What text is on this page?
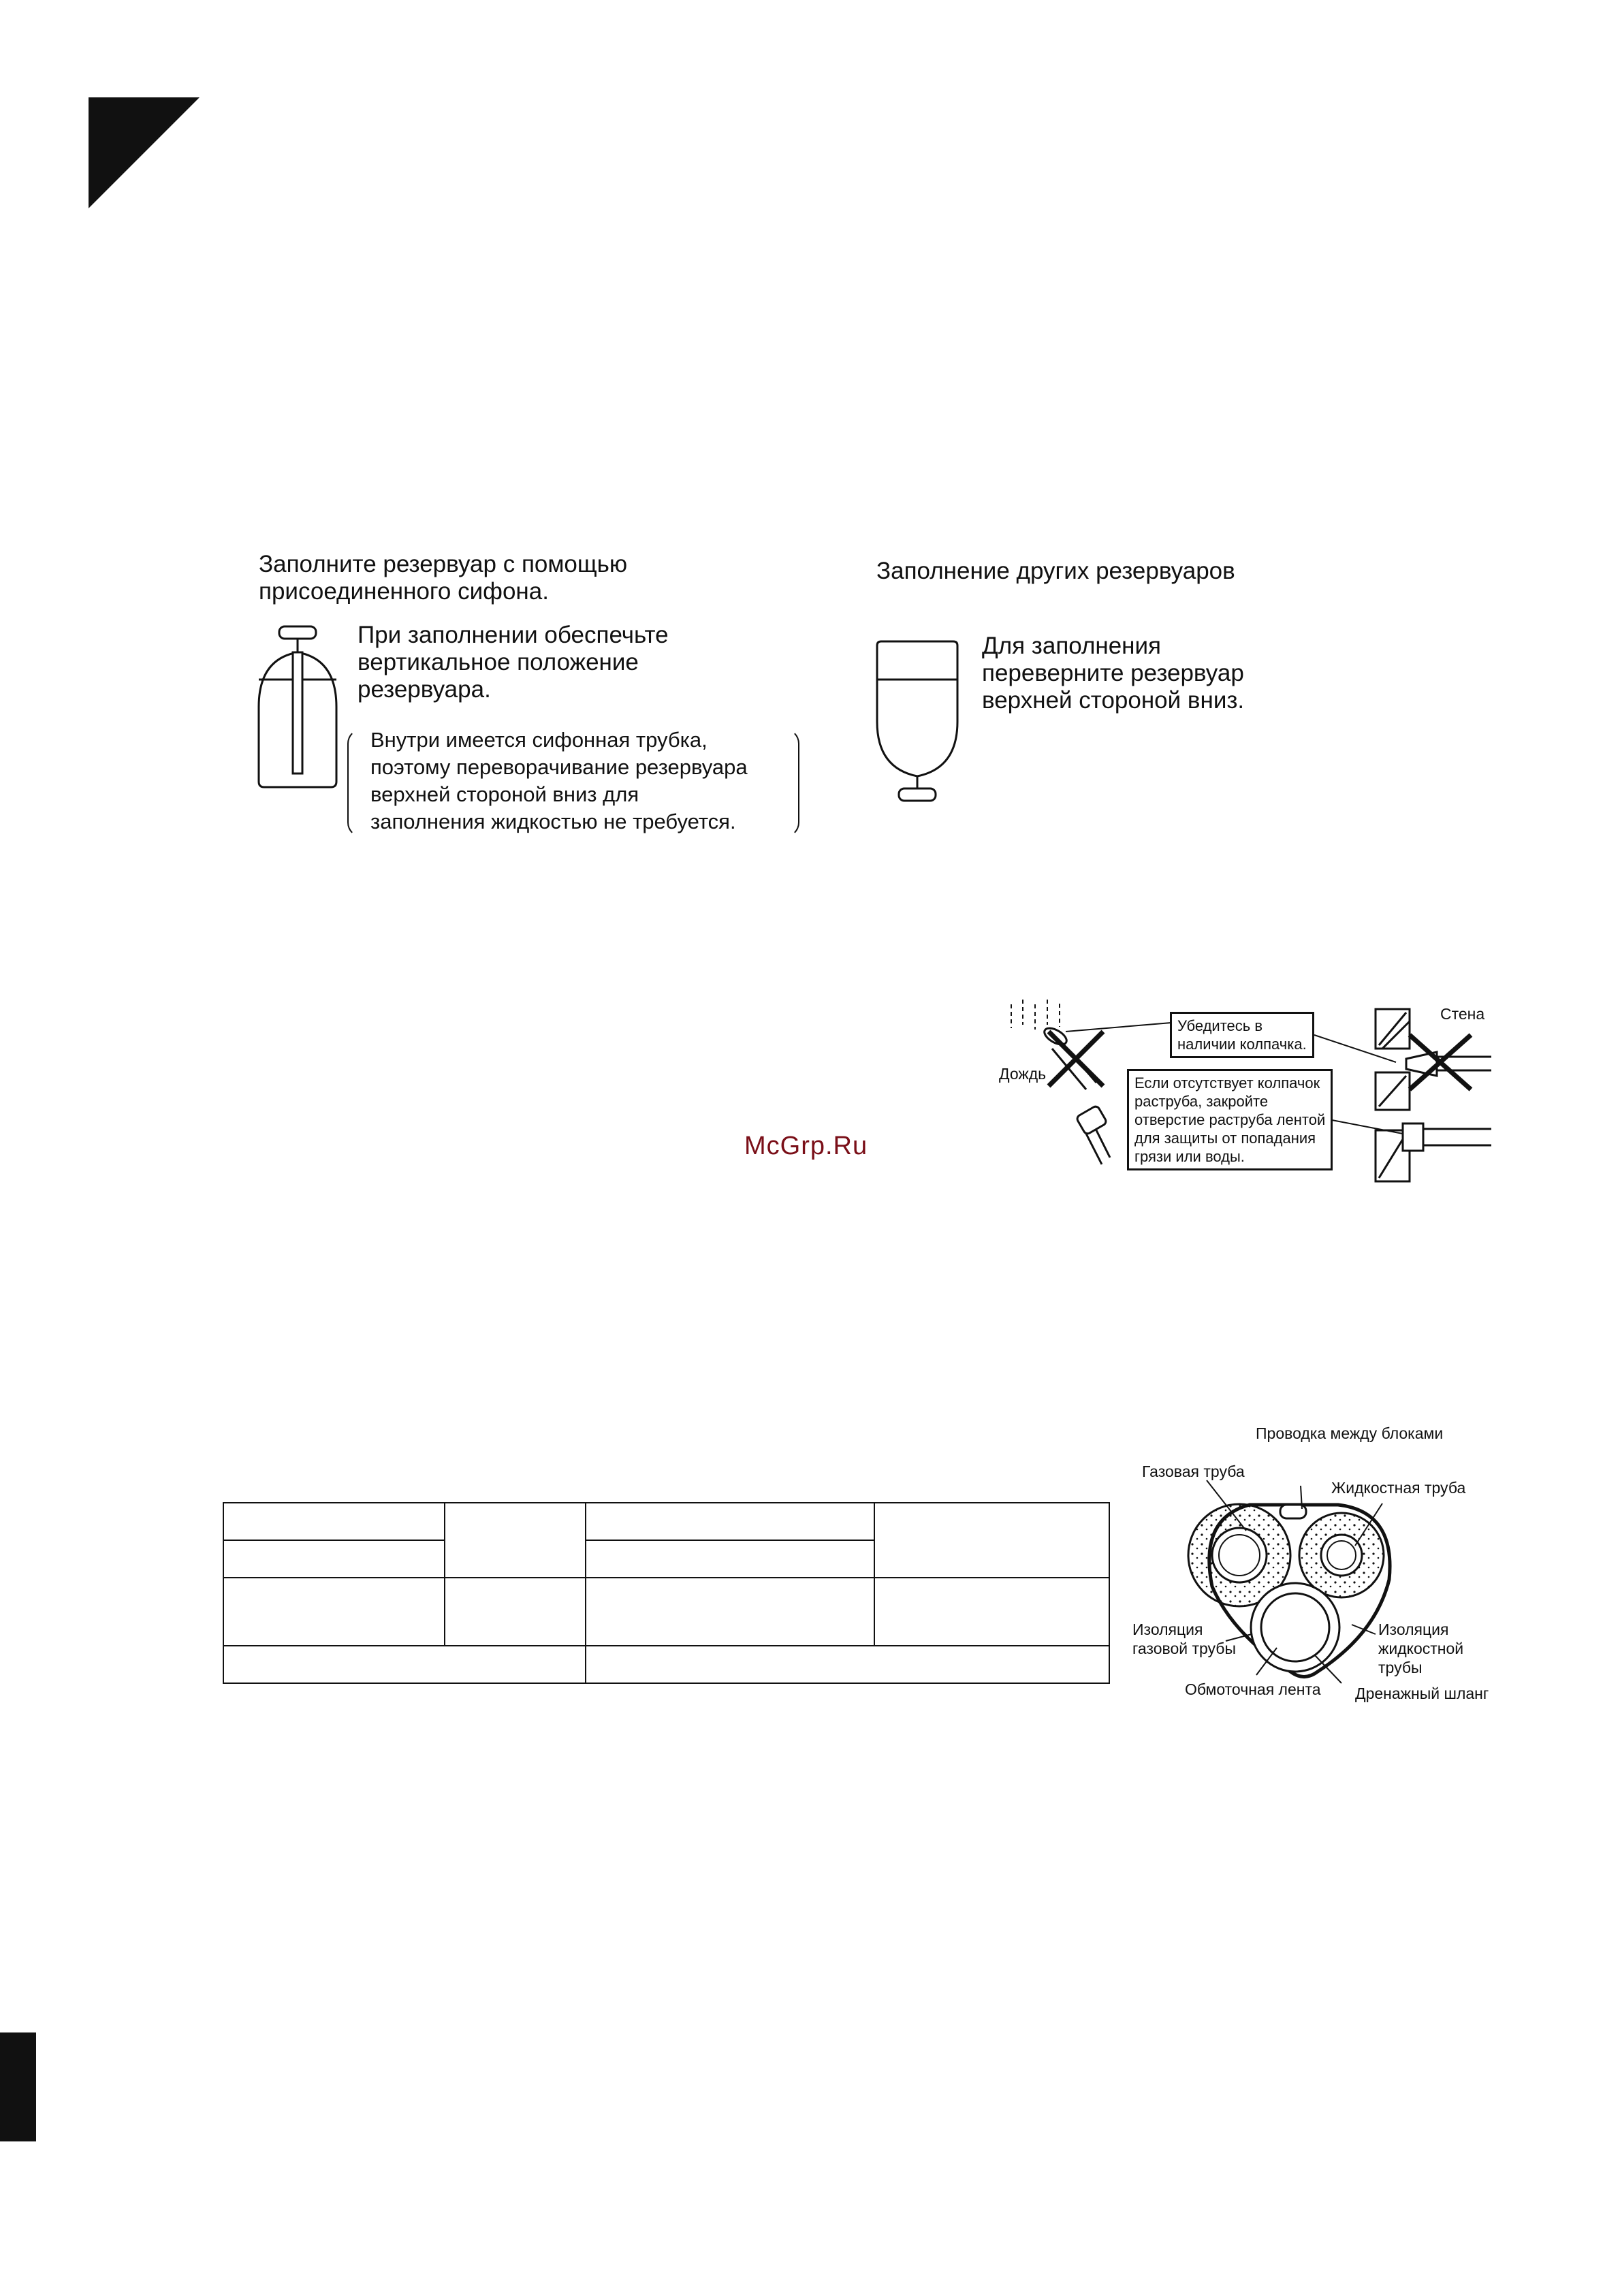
Заполните резервуар с помощью
присоединенного сифона.
При заполнении обеспечьте
вертикальное положение
резервуара.
Внутри имеется сифонная трубка,
поэтому переворачивание резервуара
верхней стороной вниз для
заполнения жидкостью не требуется.
Заполнение других резервуаров
Для заполнения
переверните резервуар
верхней стороной вниз.
Дождь
Стена
Убедитесь в
наличии колпачка.
Если отсутствует колпачок
раструба, закройте
отверстие раструба лентой
для защиты от попадания
грязи или воды.
McGrp.Ru

Проводка между блоками
Газовая труба
Жидкостная труба
Изоляция
газовой трубы
Изоляция
жидкостной
трубы
Обмоточная лента Дренажный шланг
